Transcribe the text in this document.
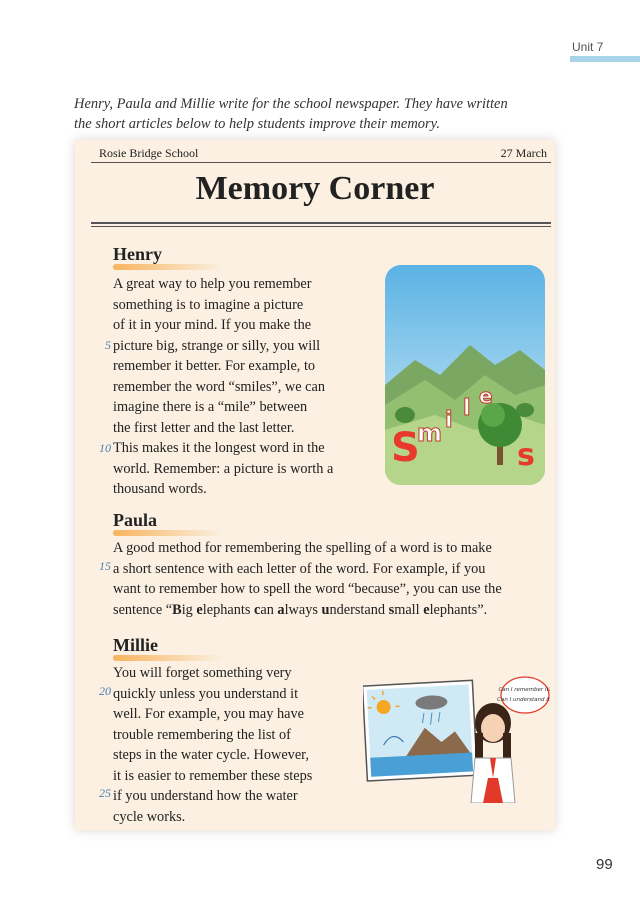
Unit 7
Henry, Paula and Millie write for the school newspaper. They have written
the short articles below to help students improve their memory.
Rosie Bridge School	27 March
Memory Corner
Henry
A great way to help you remember
something is to imagine a picture
of it in your mind. If you make the
picture big, strange or silly, you will
remember it better. For example, to
remember the word “smiles”, we can
imagine there is a “mile” between
the first letter and the last letter.
This makes it the longest word in the
world. Remember: a picture is worth a
thousand words.
S
m i l e
s
5
10
Paula
A good method for remembering the spelling of a word is to make
a short sentence with each letter of the word. For example, if you
want to remember how to spell the word “because”, you can use the
sentence “Big elephants can always understand small elephants”.
15
Millie
You will forget something very
quickly unless you understand it
well. For example, you may have
trouble remembering the list of
steps in the water cycle. However,
it is easier to remember these steps
if you understand how the water
cycle works.
20
25
Can I remember it?
Can I understand it?
99
